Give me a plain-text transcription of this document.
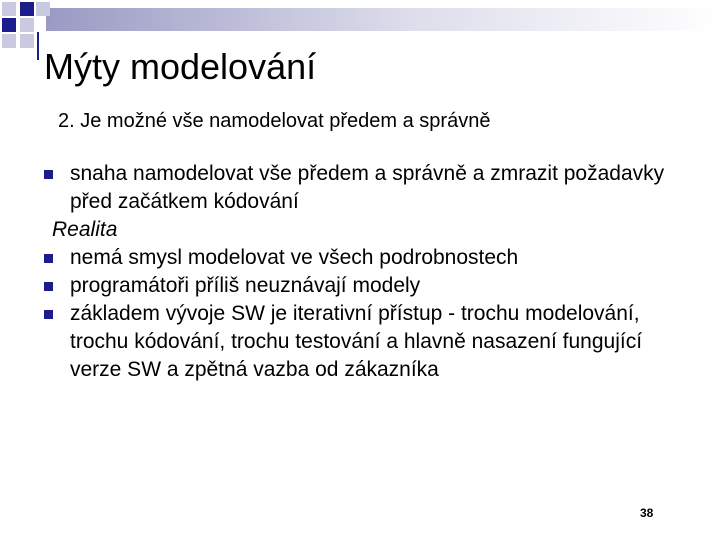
Mýty modelování
2. Je možné vše namodelovat předem a správně
snaha namodelovat vše předem a správně a zmrazit požadavky před začátkem kódování
Realita
nemá smysl modelovat ve všech podrobnostech
programátoři příliš neuznávají modely
základem vývoje SW je iterativní přístup - trochu modelování, trochu kódování, trochu testování a hlavně nasazení fungující verze SW a zpětná vazba od zákazníka
38
